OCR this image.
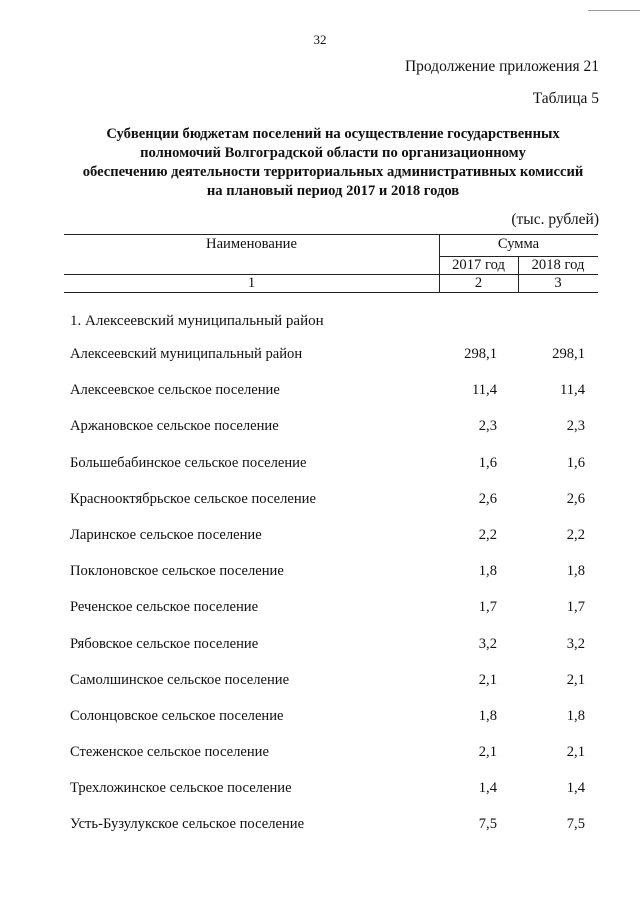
32
Продолжение приложения 21
Таблица 5
Субвенции бюджетам поселений на осуществление государственных
полномочий Волгоградской области по организационному
обеспечению деятельности территориальных административных комиссий
на плановый период 2017 и 2018 годов
(тыс. рублей)
Наименование	Сумма
2017 год	2018 год
1	2	3
1. Алексеевский муниципальный район
Алексеевский муниципальный район	298,1	298,1
Алексеевское сельское поселение	11,4	11,4
Аржановское сельское поселение	2,3	2,3
Большебабинское сельское поселение	1,6	1,6
Краснооктябрьское сельское поселение	2,6	2,6
Ларинское сельское поселение	2,2	2,2
Поклоновское сельское поселение	1,8	1,8
Реченское сельское поселение	1,7	1,7
Рябовское сельское поселение	3,2	3,2
Самолшинское сельское поселение	2,1	2,1
Солонцовское сельское поселение	1,8	1,8
Стеженское сельское поселение	2,1	2,1
Трехложинское сельское поселение	1,4	1,4
Усть-Бузулукское сельское поселение	7,5	7,5
